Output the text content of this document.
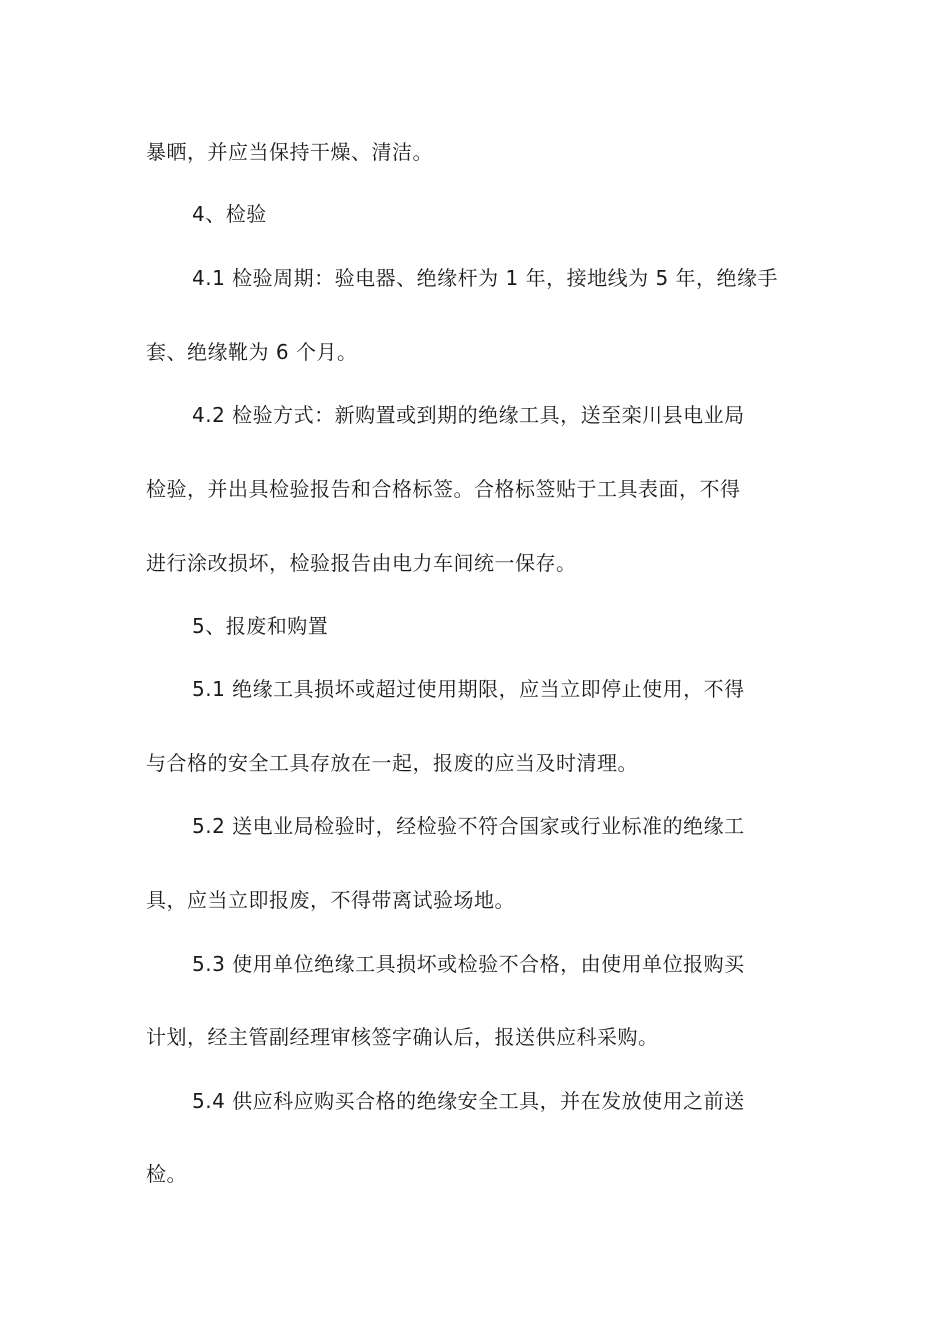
暴晒，并应当保持干燥、清洁。
4、检验
4.1 检验周期：验电器、绝缘杆为 1 年，接地线为 5 年，绝缘手
套、绝缘靴为 6 个月。
4.2 检验方式：新购置或到期的绝缘工具，送至栾川县电业局
检验，并出具检验报告和合格标签。合格标签贴于工具表面，不得
进行涂改损坏，检验报告由电力车间统一保存。
5、报废和购置
5.1 绝缘工具损坏或超过使用期限，应当立即停止使用，不得
与合格的安全工具存放在一起，报废的应当及时清理。
5.2 送电业局检验时，经检验不符合国家或行业标准的绝缘工
具，应当立即报废，不得带离试验场地。
5.3 使用单位绝缘工具损坏或检验不合格，由使用单位报购买
计划，经主管副经理审核签字确认后，报送供应科采购。
5.4 供应科应购买合格的绝缘安全工具，并在发放使用之前送
检。
